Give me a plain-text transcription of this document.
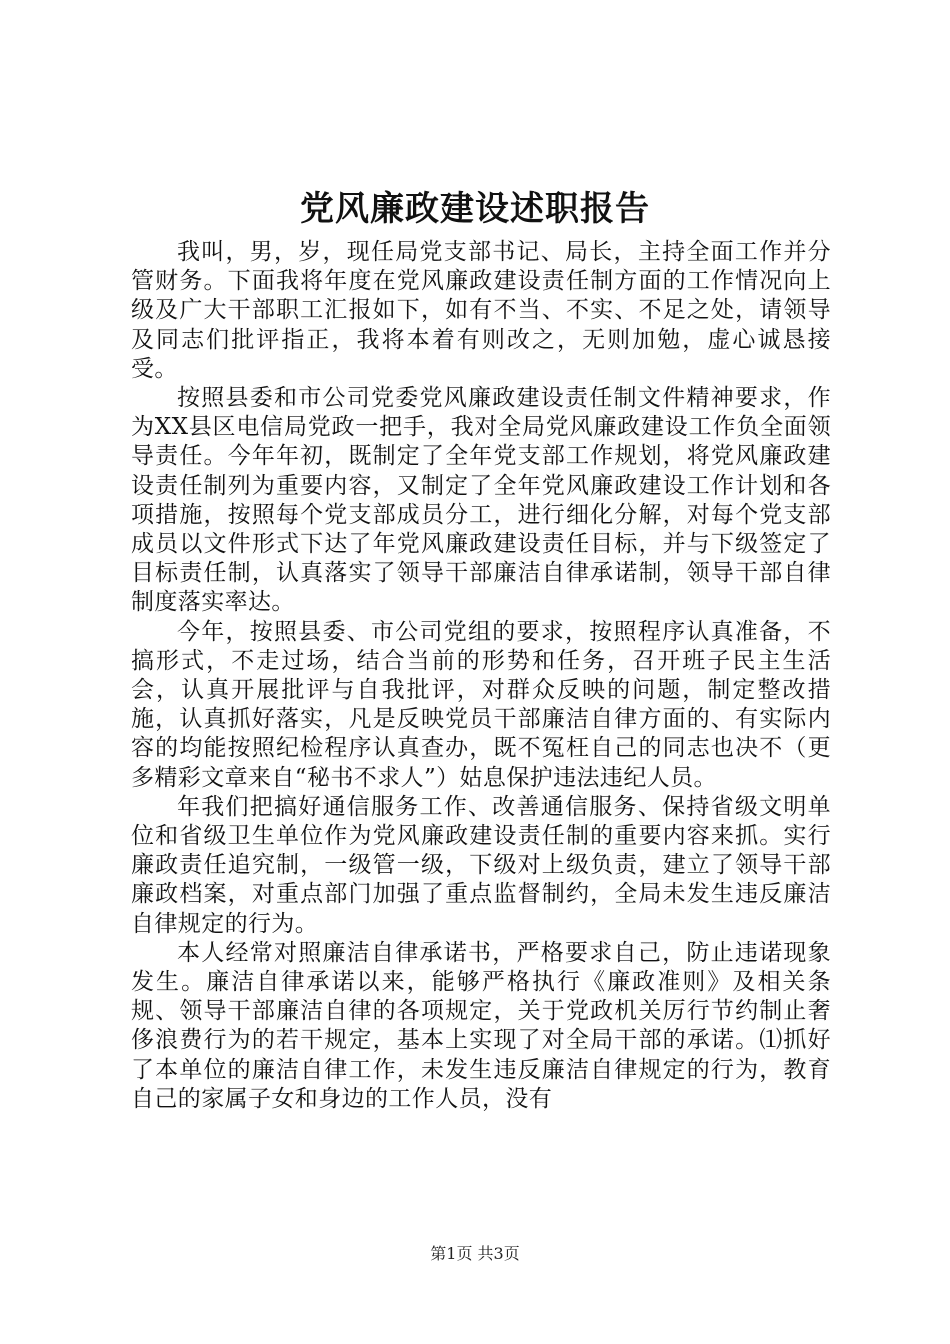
党风廉政建设述职报告

我叫，男，岁，现任局党支部书记、局长，主持全面工作并分管财务。下面我将年度在党风廉政建设责任制方面的工作情况向上级及广大干部职工汇报如下，如有不当、不实、不足之处，请领导及同志们批评指正，我将本着有则改之，无则加勉，虚心诚恳接受。

按照县委和市公司党委党风廉政建设责任制文件精神要求，作为XX县区电信局党政一把手，我对全局党风廉政建设工作负全面领导责任。今年年初，既制定了全年党支部工作规划，将党风廉政建设责任制列为重要内容，又制定了全年党风廉政建设工作计划和各项措施，按照每个党支部成员分工，进行细化分解，对每个党支部成员以文件形式下达了年党风廉政建设责任目标，并与下级签定了目标责任制，认真落实了领导干部廉洁自律承诺制，领导干部自律制度落实率达。

今年，按照县委、市公司党组的要求，按照程序认真准备，不搞形式，不走过场，结合当前的形势和任务，召开班子民主生活会，认真开展批评与自我批评，对群众反映的问题，制定整改措施，认真抓好落实，凡是反映党员干部廉洁自律方面的、有实际内容的均能按照纪检程序认真查办，既不冤枉自己的同志也决不（更多精彩文章来自“秘书不求人”）姑息保护违法违纪人员。

年我们把搞好通信服务工作、改善通信服务、保持省级文明单位和省级卫生单位作为党风廉政建设责任制的重要内容来抓。实行廉政责任追究制，一级管一级，下级对上级负责，建立了领导干部廉政档案，对重点部门加强了重点监督制约，全局未发生违反廉洁自律规定的行为。

本人经常对照廉洁自律承诺书，严格要求自己，防止违诺现象发生。廉洁自律承诺以来，能够严格执行《廉政准则》及相关条规、领导干部廉洁自律的各项规定，关于党政机关厉行节约制止奢侈浪费行为的若干规定，基本上实现了对全局干部的承诺。⑴抓好了本单位的廉洁自律工作，未发生违反廉洁自律规定的行为，教育自己的家属子女和身边的工作人员，没有

第1页 共3页
